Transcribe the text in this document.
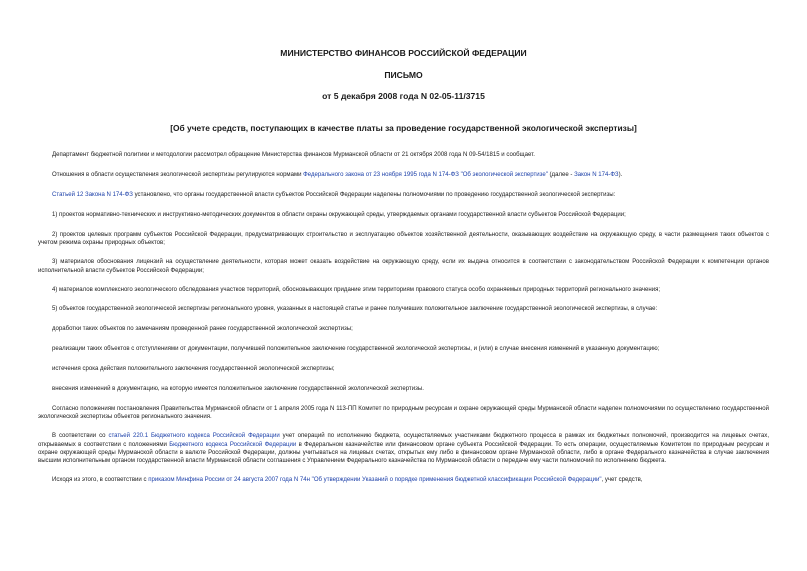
МИНИСТЕРСТВО ФИНАНСОВ РОССИЙСКОЙ ФЕДЕРАЦИИ
ПИСЬМО
от 5 декабря 2008 года N 02-05-11/3715
[Об учете средств, поступающих в качестве платы за проведение государственной экологической экспертизы]

Департамент бюджетной политики и методологии рассмотрел обращение Министерства финансов Мурманской области от 21 октября 2008 года N 09-54/1815 и сообщает.

Отношения в области осуществления экологической экспертизы регулируются нормами Федерального закона от 23 ноября 1995 года N 174-ФЗ "Об экологической экспертизе" (далее - Закон N 174-ФЗ).

Статьей 12 Закона N 174-ФЗ установлено, что органы государственной власти субъектов Российской Федерации наделены полномочиями по проведению государственной экологической экспертизы:

1) проектов нормативно-технических и инструктивно-методических документов в области охраны окружающей среды, утверждаемых органами государственной власти субъектов Российской Федерации;

2) проектов целевых программ субъектов Российской Федерации, предусматривающих строительство и эксплуатацию объектов хозяйственной деятельности, оказывающих воздействие на окружающую среду, в части размещения таких объектов с учетом режима охраны природных объектов;

3) материалов обоснования лицензий на осуществление деятельности, которая может оказать воздействие на окружающую среду, если их выдача относится в соответствии с законодательством Российской Федерации к компетенции органов исполнительной власти субъектов Российской Федерации;

4) материалов комплексного экологического обследования участков территорий, обосновывающих придание этим территориям правового статуса особо охраняемых природных территорий регионального значения;

5) объектов государственной экологической экспертизы регионального уровня, указанных в настоящей статье и ранее получивших положительное заключение государственной экологической экспертизы, в случае:

доработки таких объектов по замечаниям проведенной ранее государственной экологической экспертизы;

реализации таких объектов с отступлениями от документации, получившей положительное заключение государственной экологической экспертизы, и (или) в случае внесения изменений в указанную документацию;

истечения срока действия положительного заключения государственной экологической экспертизы;

внесения изменений в документацию, на которую имеется положительное заключение государственной экологической экспертизы.

Согласно положениям постановления Правительства Мурманской области от 1 апреля 2005 года N 113-ПП Комитет по природным ресурсам и охране окружающей среды Мурманской области наделен полномочиями по осуществлению государственной экологической экспертизы объектов регионального значения.

В соответствии со статьей 220.1 Бюджетного кодекса Российской Федерации учет операций по исполнению бюджета, осуществляемых участниками бюджетного процесса в рамках их бюджетных полномочий, производится на лицевых счетах, открываемых в соответствии с положениями Бюджетного кодекса Российской Федерации в Федеральном казначействе или финансовом органе субъекта Российской Федерации. То есть операции, осуществляемые Комитетом по природным ресурсам и охране окружающей среды Мурманской области в валюте Российской Федерации, должны учитываться на лицевых счетах, открытых ему либо в финансовом органе Мурманской области, либо в органе Федерального казначейства в случае заключения высшим исполнительным органом государственной власти Мурманской области соглашения с Управлением Федерального казначейства по Мурманской области о передаче ему части полномочий по исполнению бюджета.

Исходя из этого, в соответствии с приказом Минфина России от 24 августа 2007 года N 74н "Об утверждении Указаний о порядке применения бюджетной классификации Российской Федерации", учет средств,
